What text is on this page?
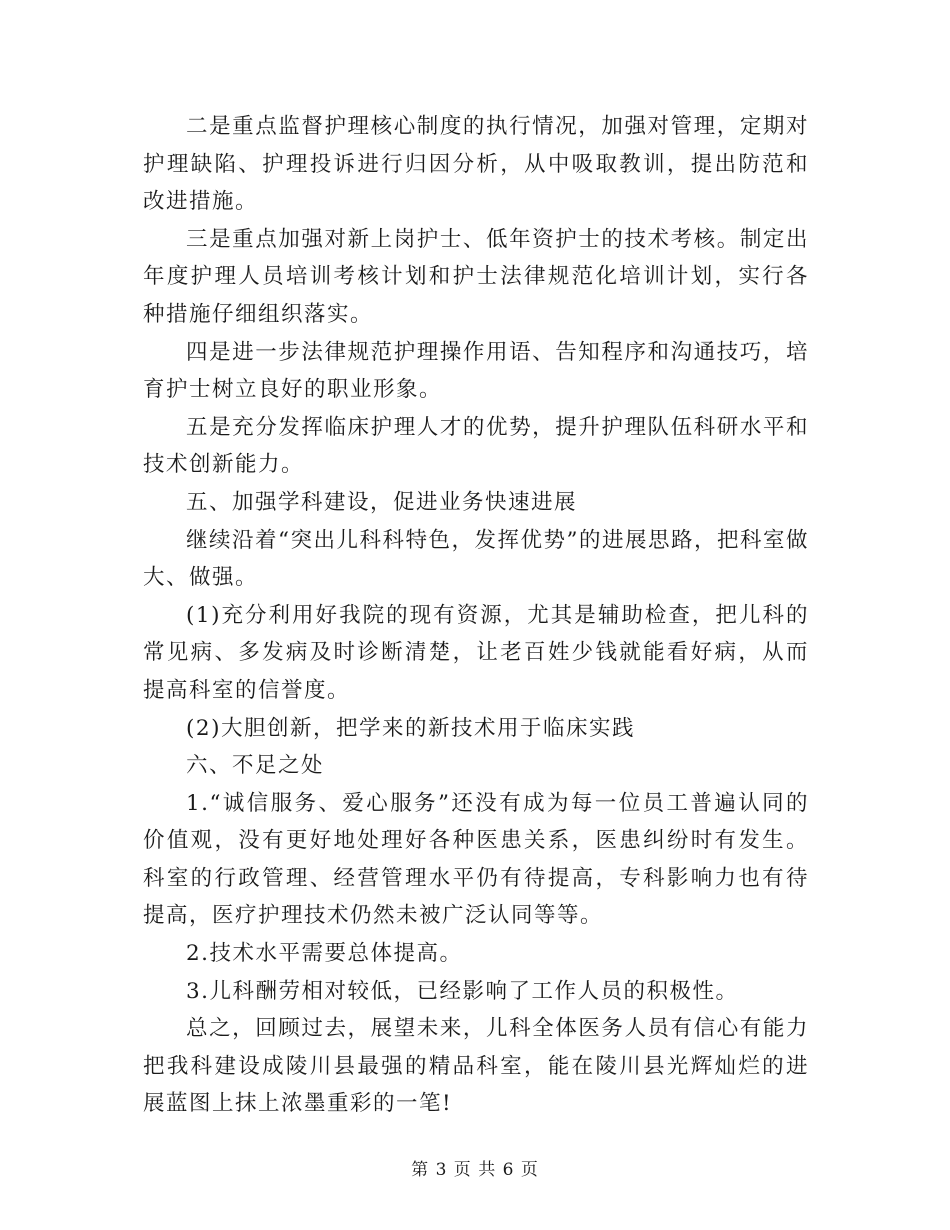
二是重点监督护理核心制度的执行情况，加强对管理，定期对护理缺陷、护理投诉进行归因分析，从中吸取教训，提出防范和改进措施。

三是重点加强对新上岗护士、低年资护士的技术考核。制定出年度护理人员培训考核计划和护士法律规范化培训计划，实行各种措施仔细组织落实。

四是进一步法律规范护理操作用语、告知程序和沟通技巧，培育护士树立良好的职业形象。

五是充分发挥临床护理人才的优势，提升护理队伍科研水平和技术创新能力。

五、加强学科建设，促进业务快速进展

继续沿着“突出儿科科特色，发挥优势”的进展思路，把科室做大、做强。

(1)充分利用好我院的现有资源，尤其是辅助检查，把儿科的常见病、多发病及时诊断清楚，让老百姓少钱就能看好病，从而提高科室的信誉度。

(2)大胆创新，把学来的新技术用于临床实践

六、不足之处

1.“诚信服务、爱心服务”还没有成为每一位员工普遍认同的价值观，没有更好地处理好各种医患关系，医患纠纷时有发生。科室的行政管理、经营管理水平仍有待提高，专科影响力也有待提高，医疗护理技术仍然未被广泛认同等等。

2.技术水平需要总体提高。

3.儿科酬劳相对较低，已经影响了工作人员的积极性。

总之，回顾过去，展望未来，儿科全体医务人员有信心有能力把我科建设成陵川县最强的精品科室，能在陵川县光辉灿烂的进展蓝图上抹上浓墨重彩的一笔!

第 3 页 共 6 页
